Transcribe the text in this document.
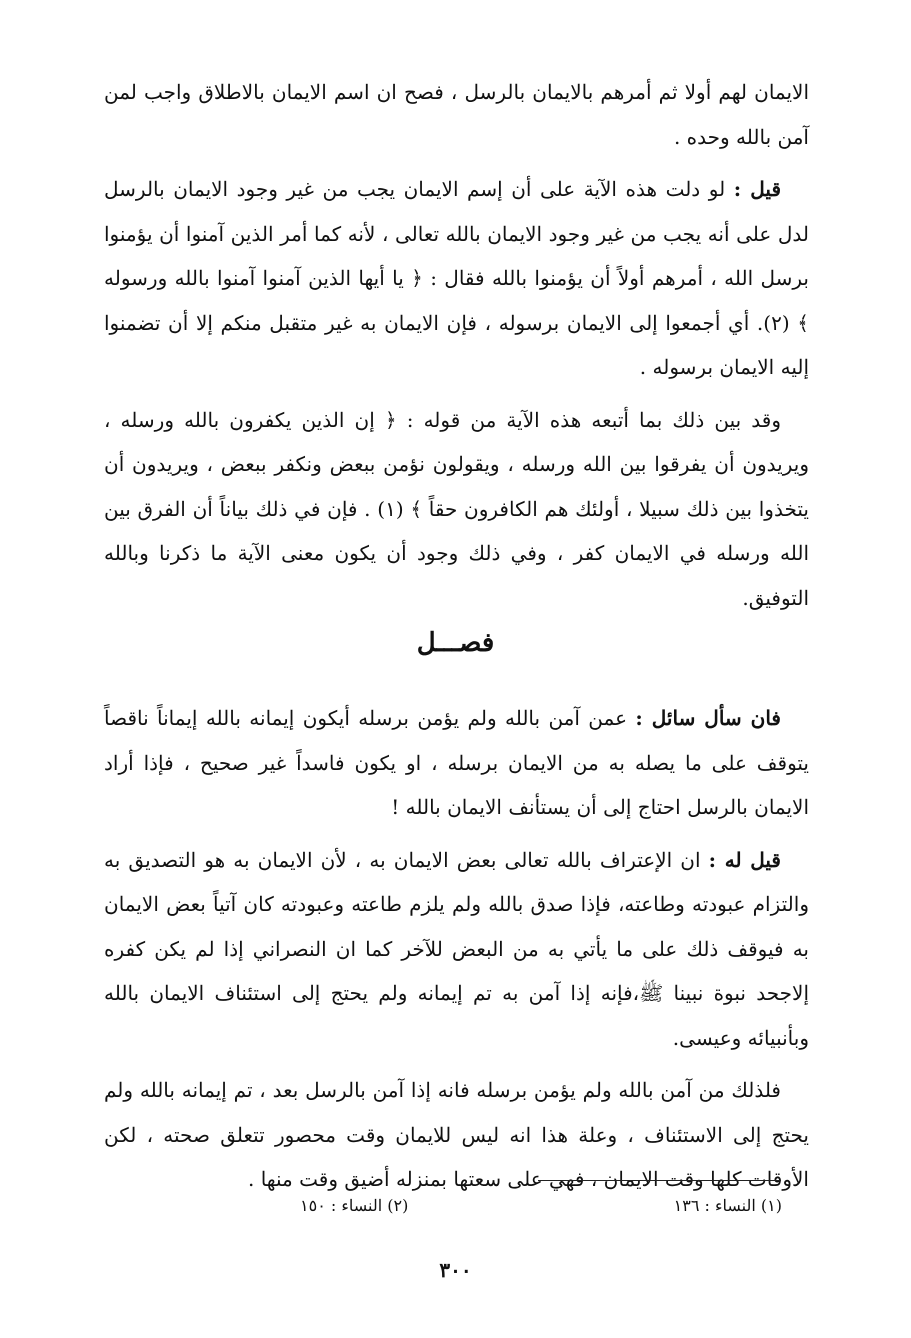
الايمان لهم أولا ثم أمرهم بالايمان بالرسل ، فصح ان اسم الايمان بالاطلاق واجب لمن آمن بالله وحده .

قيل : لو دلت هذه الآية على أن إسم الايمان يجب من غير وجود الايمان بالرسل لدل على أنه يجب من غير وجود الايمان بالله تعالى ، لأنه كما أمر الذين آمنوا أن يؤمنوا برسل الله ، أمرهم أولاً أن يؤمنوا بالله فقال : ﴿ يا أيها الذين آمنوا آمنوا بالله ورسوله ﴾ (٢). أي أجمعوا إلى الايمان برسوله ، فإن الايمان به غير متقبل منكم إلا أن تضمنوا إليه الايمان برسوله .

وقد بين ذلك بما أتبعه هذه الآية من قوله : ﴿ إن الذين يكفرون بالله ورسله ، ويريدون أن يفرقوا بين الله ورسله ، ويقولون نؤمن ببعض ونكفر ببعض ، ويريدون أن يتخذوا بين ذلك سبيلا ، أولئك هم الكافرون حقاً ﴾ (١) . فإن في ذلك بياناً أن الفرق بين الله ورسله في الايمان كفر ، وفي ذلك وجود أن يكون معنى الآية ما ذكرنا وبالله التوفيق.

فصـــل

فان سأل سائل : عمن آمن بالله ولم يؤمن برسله أيكون إيمانه بالله إيماناً ناقصاً يتوقف على ما يصله به من الايمان برسله ، او يكون فاسداً غير صحيح ، فإذا أراد الايمان بالرسل احتاج إلى أن يستأنف الايمان بالله !

قيل له : ان الإعتراف بالله تعالى بعض الايمان به ، لأن الايمان به هو التصديق به والتزام عبودته وطاعته، فإذا صدق بالله ولم يلزم طاعته وعبودته كان آتياً بعض الايمان به فيوقف ذلك على ما يأتي به من البعض للآخر كما ان النصراني إذا لم يكن كفره إلاجحد نبوة نبينا ﷺ،فإنه إذا آمن به تم إيمانه ولم يحتج إلى استئناف الايمان بالله وبأنبيائه وعيسى.

فلذلك من آمن بالله ولم يؤمن برسله فانه إذا آمن بالرسل بعد ، تم إيمانه بالله ولم يحتج إلى الاستئناف ، وعلة هذا انه ليس للايمان وقت محصور تتعلق صحته ، لكن الأوقات كلها وقت الايمان ، فهي على سعتها بمنزله أضيق وقت منها .

(١) النساء : ١٣٦
(٢) النساء : ١٥٠
٣٠٠
